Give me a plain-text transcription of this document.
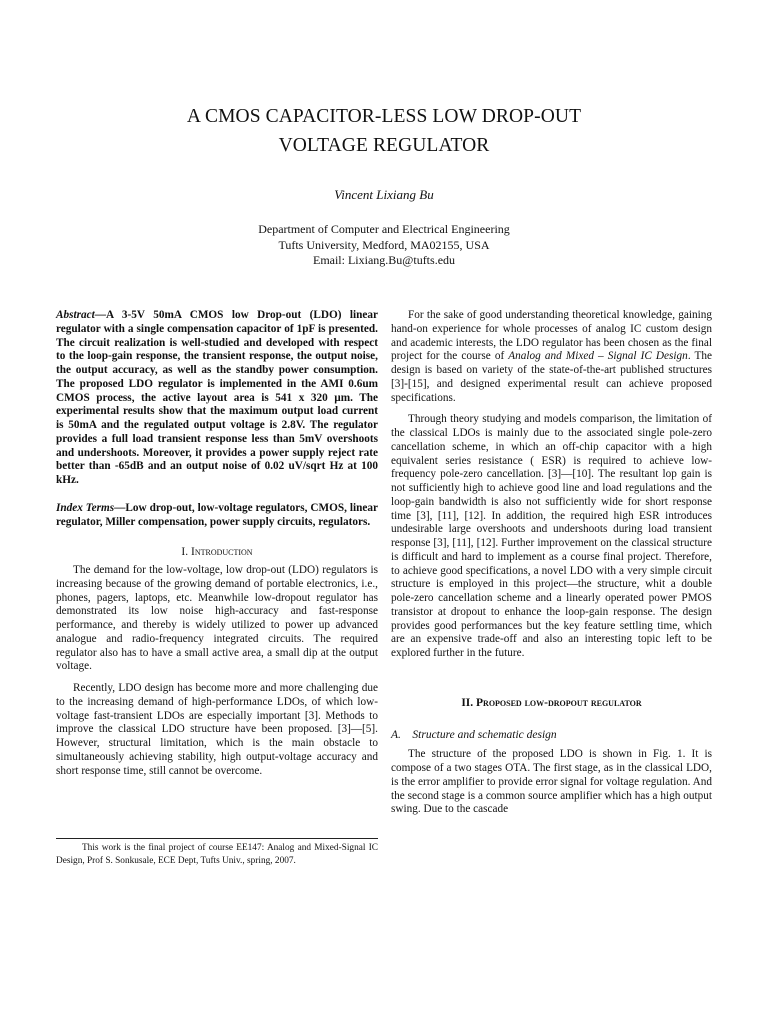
A CMOS CAPACITOR-LESS LOW DROP-OUT
VOLTAGE REGULATOR
Vincent Lixiang Bu
Department of Computer and Electrical Engineering
Tufts University, Medford, MA02155, USA
Email: Lixiang.Bu@tufts.edu

Abstract—A 3-5V 50mA CMOS low Drop-out (LDO) linear regulator with a single compensation capacitor of 1pF is presented. The circuit realization is well-studied and developed with respect to the loop-gain response, the transient response, the output noise, the output accuracy, as well as the standby power consumption. The proposed LDO regulator is implemented in the AMI 0.6um CMOS process, the active layout area is 541 x 320 µm. The experimental results show that the maximum output load current is 50mA and the regulated output voltage is 2.8V. The regulator provides a full load transient response less than 5mV overshoots and undershoots. Moreover, it provides a power supply reject rate better than -65dB and an output noise of 0.02 uV/sqrt Hz at 100 kHz.

Index Terms—Low drop-out, low-voltage regulators, CMOS, linear regulator, Miller compensation, power supply circuits, regulators.

I. Introduction

The demand for the low-voltage, low drop-out (LDO) regulators is increasing because of the growing demand of portable electronics, i.e., phones, pagers, laptops, etc. Meanwhile low-dropout regulator has demonstrated its low noise high-accuracy and fast-response performance, and thereby is widely utilized to power up advanced analogue and radio-frequency integrated circuits. The required regulator also has to have a small active area, a small dip at the output voltage.

Recently, LDO design has become more and more challenging due to the increasing demand of high-performance LDOs, of which low-voltage fast-transient LDOs are especially important [3]. Methods to improve the classical LDO structure have been proposed. [3]—[5]. However, structural limitation, which is the main obstacle to simultaneously achieving stability, high output-voltage accuracy and short response time, still cannot be overcome.

This work is the final project of course EE147: Analog and Mixed-Signal IC Design, Prof S. Sonkusale, ECE Dept, Tufts Univ., spring, 2007.

For the sake of good understanding theoretical knowledge, gaining hand-on experience for whole processes of analog IC custom design and academic interests, the LDO regulator has been chosen as the final project for the course of Analog and Mixed – Signal IC Design. The design is based on variety of the state-of-the-art published structures [3]-[15], and designed experimental result can achieve proposed specifications.

Through theory studying and models comparison, the limitation of the classical LDOs is mainly due to the associated single pole-zero cancellation scheme, in which an off-chip capacitor with a high equivalent series resistance ( ESR) is required to achieve low-frequency pole-zero cancellation. [3]—[10]. The resultant lop gain is not sufficiently high to achieve good line and load regulations and the loop-gain bandwidth is also not sufficiently wide for short response time [3], [11], [12]. In addition, the required high ESR introduces undesirable large overshoots and undershoots during load transient response [3], [11], [12]. Further improvement on the classical structure is difficult and hard to implement as a course final project. Therefore, to achieve good specifications, a novel LDO with a very simple circuit structure is employed in this project—the structure, whit a double pole-zero cancellation scheme and a linearly operated power PMOS transistor at dropout to enhance the loop-gain response. The design provides good performances but the key feature settling time, which are an expensive trade-off and also an interesting topic left to be explored further in the future.

II. Proposed low-dropout regulator

A.    Structure and schematic design

The structure of the proposed LDO is shown in Fig. 1. It is compose of a two stages OTA. The first stage, as in the classical LDO, is the error amplifier to provide error signal for voltage regulation. And the second stage is a common source amplifier which has a high output swing. Due to the cascade
